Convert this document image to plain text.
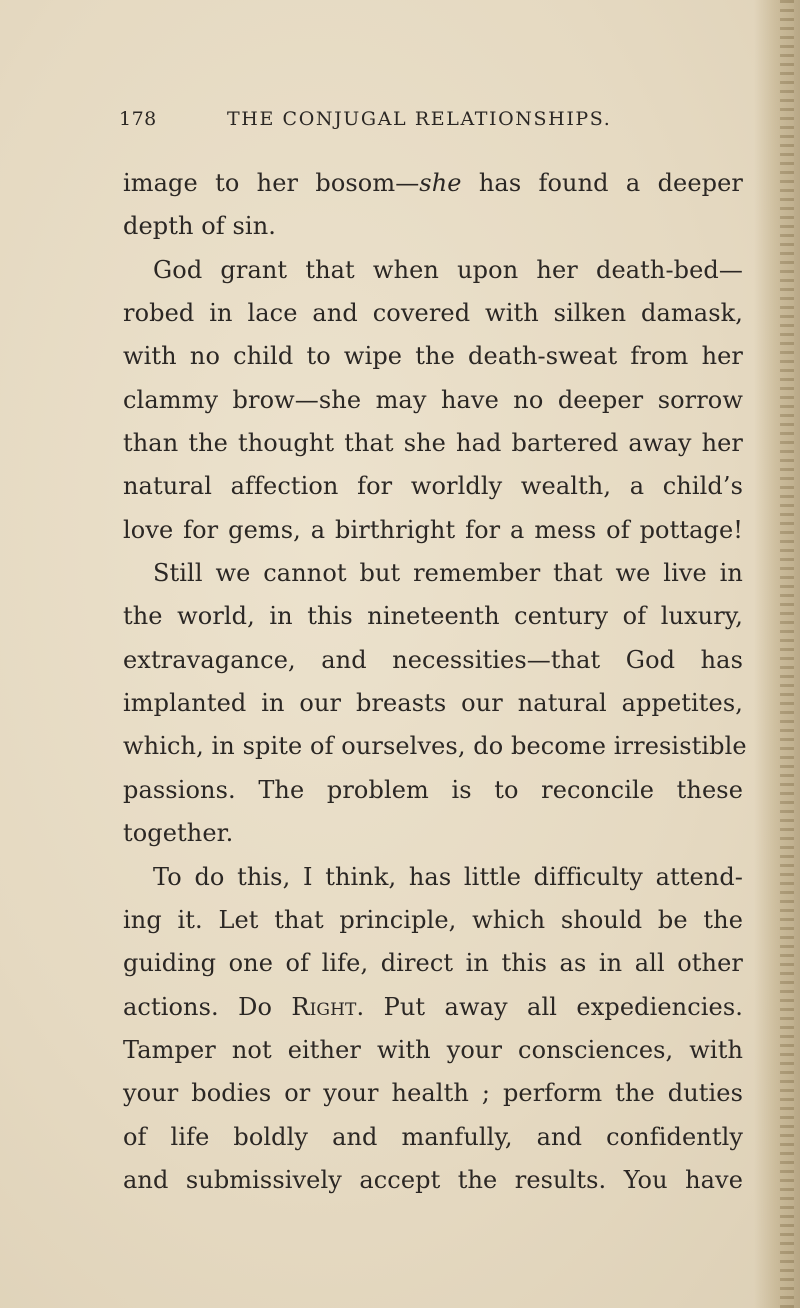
178	THE CONJUGAL RELATIONSHIPS.
image to her bosom—she has found a deeper
depth of sin.
God grant that when upon her death-bed—
robed in lace and covered with silken damask,
with no child to wipe the death-sweat from her
clammy brow—she may have no deeper sorrow
than the thought that she had bartered away her
natural affection for worldly wealth, a child’s
love for gems, a birthright for a mess of pottage!
Still we cannot but remember that we live in
the world, in this nineteenth century of luxury,
extravagance, and necessities—that God has
implanted in our breasts our natural appetites,
which, in spite of ourselves, do become irresistible
passions. The problem is to reconcile these
together.
To do this, I think, has little difficulty attend-
ing it. Let that principle, which should be the
guiding one of life, direct in this as in all other
actions. Do Right. Put away all expediencies.
Tamper not either with your consciences, with
your bodies or your health ; perform the duties
of life boldly and manfully, and confidently
and submissively accept the results. You have
